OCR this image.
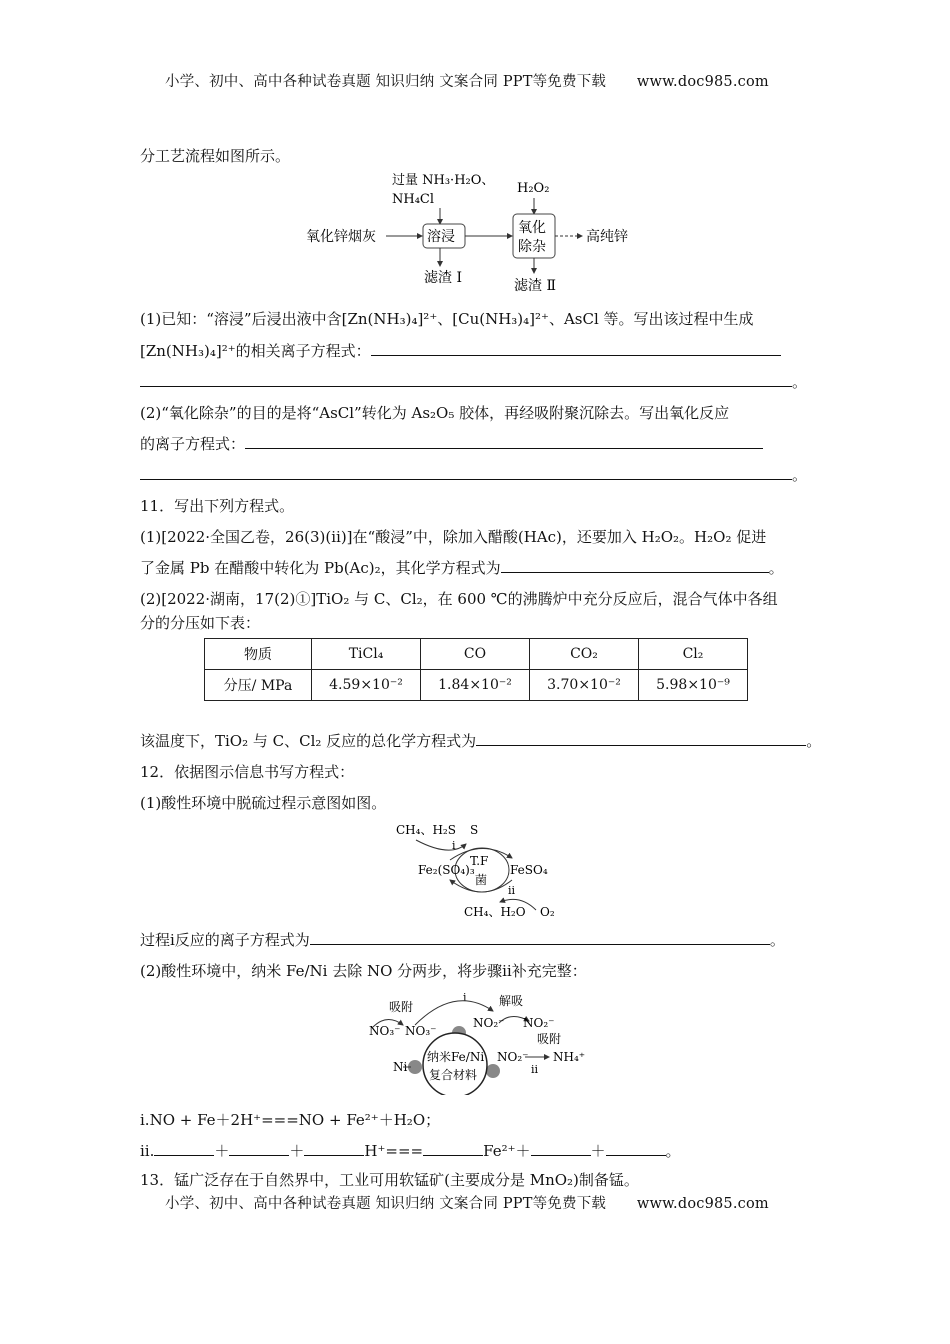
小学、初中、高中各种试卷真题 知识归纳 文案合同 PPT等免费下载 www.doc985.com
分工艺流程如图所示。
过量 NH₃·H₂O、
NH₄Cl
H₂O₂
氧化锌烟灰	溶浸
滤渣 Ⅰ
氧化
除杂
滤渣 Ⅱ
高纯锌
(1)已知：“溶浸”后浸出液中含[Zn(NH₃)₄]²⁺、[Cu(NH₃)₄]²⁺、AsCl 等。写出该过程中生成
[Zn(NH₃)₄]²⁺的相关离子方程式：
。
(2)“氧化除杂”的目的是将“AsCl”转化为 As₂O₅ 胶体，再经吸附聚沉除去。写出氧化反应
的离子方程式：
。
11．写出下列方程式。
(1)[2022·全国乙卷，26(3)(ⅱ)]在“酸浸”中，除加入醋酸(HAc)，还要加入 H₂O₂。H₂O₂ 促进
了金属 Pb 在醋酸中转化为 Pb(Ac)₂，其化学方程式为	。
(2)[2022·湖南，17(2)①]TiO₂ 与 C、Cl₂，在 600 ℃的沸腾炉中充分反应后，混合气体中各组
分的分压如下表：
物质	TiCl₄	CO	CO₂	Cl₂
分压/ MPa	4.59×10⁻²	1.84×10⁻²	3.70×10⁻²	5.98×10⁻⁹
该温度下，TiO₂ 与 C、Cl₂ 反应的总化学方程式为	。
12．依据图示信息书写方程式：
(1)酸性环境中脱硫过程示意图如图。
CH₄、H₂S S
ⅰ
T.F
菌
Fe₂(SO₄)₃	FeSO₄
ⅱ
CH₄、H₂O O₂
过程ⅰ反应的离子方程式为	。
(2)酸性环境中，纳米 Fe/Ni 去除 NO 分两步，将步骤ⅱ补充完整：
吸附
ⅰ	解吸
NO₃⁻ NO₃⁻
NO₂⁻ NO₂⁻
纳米Fe/Ni
复合材料
Ni
NO₂⁻
吸附
ⅱ
NH₄⁺
ⅰ.NO + Fe＋2H⁺===NO + Fe²⁺＋H₂O；
ⅱ.	＋	＋	H⁺===	Fe²⁺＋	＋	。
13．锰广泛存在于自然界中，工业可用软锰矿(主要成分是 MnO₂)制备锰。
小学、初中、高中各种试卷真题 知识归纳 文案合同 PPT等免费下载 www.doc985.com
